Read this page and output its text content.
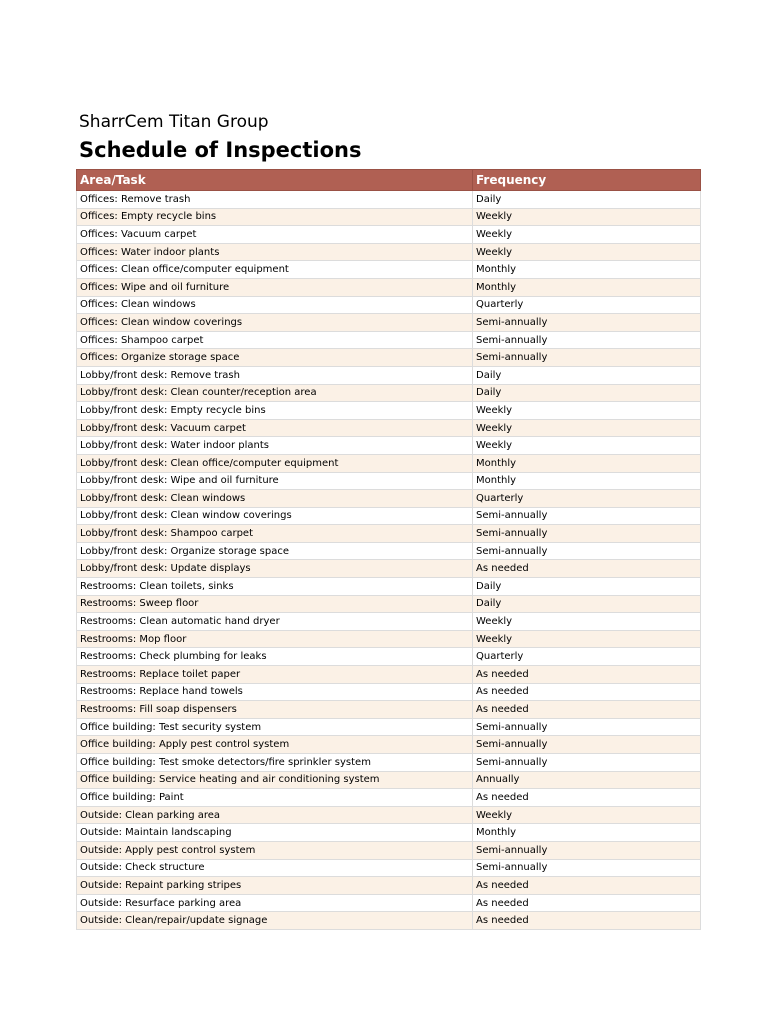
SharrCem Titan Group
Schedule of Inspections
Area/Task	Frequency
Offices: Remove trash	Daily
Offices: Empty recycle bins	Weekly
Offices: Vacuum carpet	Weekly
Offices: Water indoor plants	Weekly
Offices: Clean office/computer equipment	Monthly
Offices: Wipe and oil furniture	Monthly
Offices: Clean windows	Quarterly
Offices: Clean window coverings	Semi-annually
Offices: Shampoo carpet	Semi-annually
Offices: Organize storage space	Semi-annually
Lobby/front desk: Remove trash	Daily
Lobby/front desk: Clean counter/reception area	Daily
Lobby/front desk: Empty recycle bins	Weekly
Lobby/front desk: Vacuum carpet	Weekly
Lobby/front desk: Water indoor plants	Weekly
Lobby/front desk: Clean office/computer equipment	Monthly
Lobby/front desk: Wipe and oil furniture	Monthly
Lobby/front desk: Clean windows	Quarterly
Lobby/front desk: Clean window coverings	Semi-annually
Lobby/front desk: Shampoo carpet	Semi-annually
Lobby/front desk: Organize storage space	Semi-annually
Lobby/front desk: Update displays	As needed
Restrooms: Clean toilets, sinks	Daily
Restrooms: Sweep floor	Daily
Restrooms: Clean automatic hand dryer	Weekly
Restrooms: Mop floor	Weekly
Restrooms: Check plumbing for leaks	Quarterly
Restrooms: Replace toilet paper	As needed
Restrooms: Replace hand towels	As needed
Restrooms: Fill soap dispensers	As needed
Office building: Test security system	Semi-annually
Office building: Apply pest control system	Semi-annually
Office building: Test smoke detectors/fire sprinkler system	Semi-annually
Office building: Service heating and air conditioning system	Annually
Office building: Paint	As needed
Outside: Clean parking area	Weekly
Outside: Maintain landscaping	Monthly
Outside: Apply pest control system	Semi-annually
Outside: Check structure	Semi-annually
Outside: Repaint parking stripes	As needed
Outside: Resurface parking area	As needed
Outside: Clean/repair/update signage	As needed
